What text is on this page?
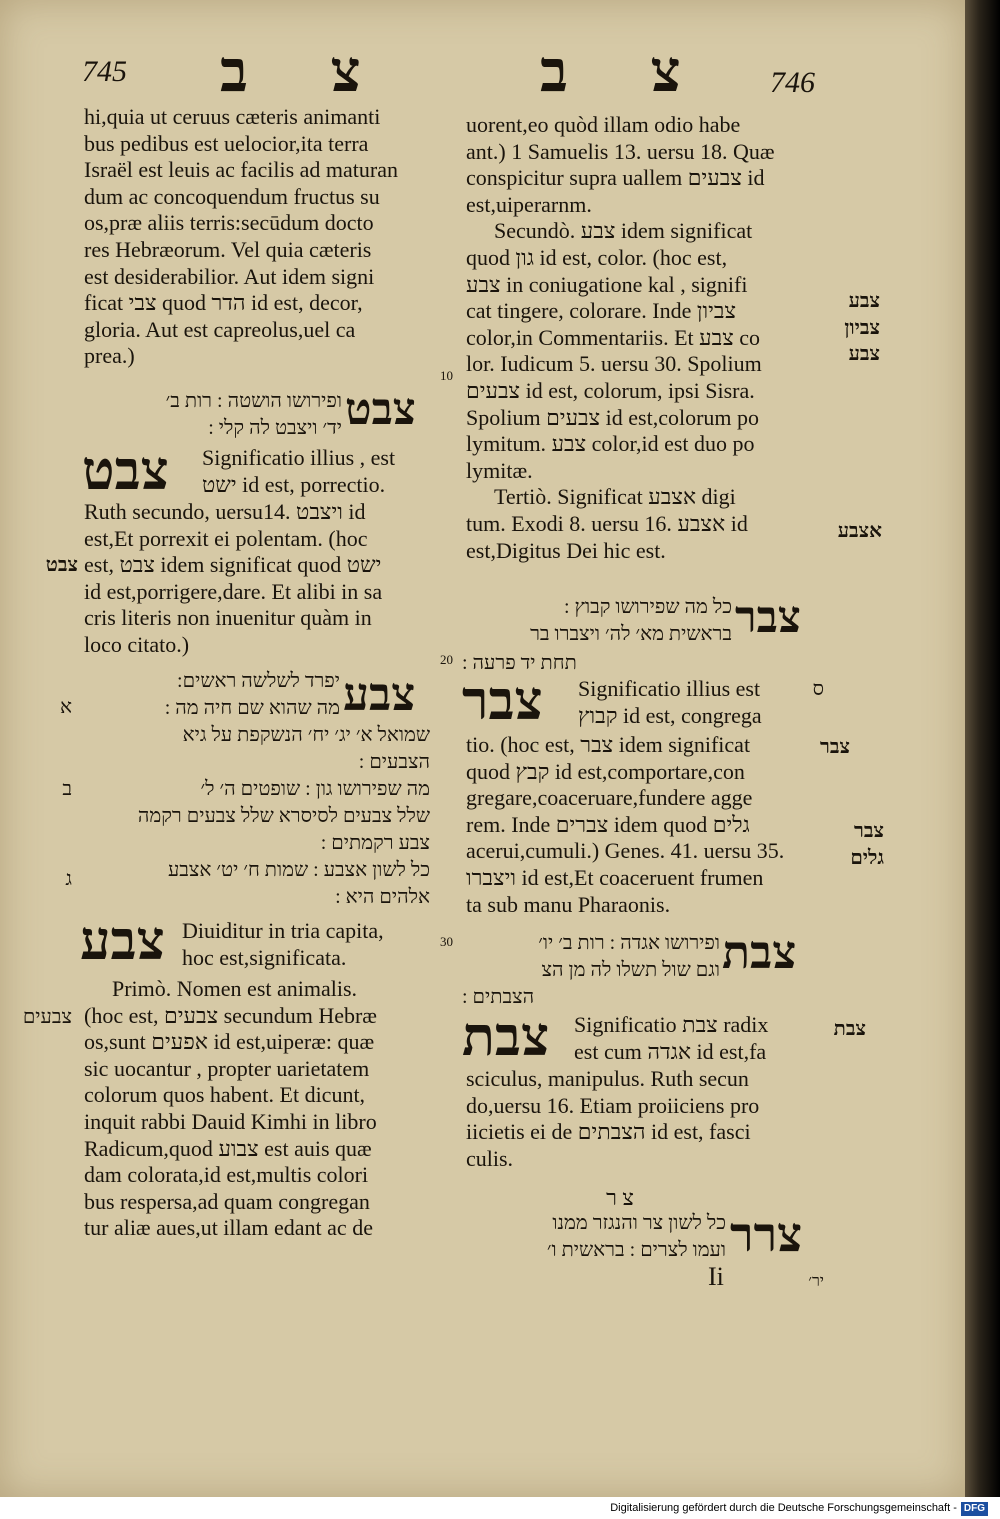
745 צ ב	צ ב 746
hi,quia ut ceruus cæteris animanti
bus pedibus est uelocior,ita terra
Israël est leuis ac facilis ad maturan
dum ac concoquendum fructus su
os,præ aliis terris:secūdum docto
res Hebræorum. Vel quia cæteris
est desiderabilior. Aut idem signi
ficat צבי quod הדר id est, decor,
gloria. Aut est capreolus,uel ca
prea.)
צבט
ופירושו הושטה : רות ב׳
יד׳ ויצבט לה קלי :
צבט Significatio illius , est
ישט id est, porrectio.
Ruth secundo, uersu14. ויצבט id
est,Et porrexit ei polentam. (hoc
est, צבט idem significat quod ישט
id est,porrigere,dare. Et alibi in sa
cris literis non inuenitur quàm in
loco citato.)
צבט
צבע
יפרד לשלשה ראשים:
מה שהוא שם חיה מה :
שמואל א׳ יג׳ יח׳ הנשקפת על גיא
הצבעים :
מה שפירושו גון : שופטים ה׳ ל׳
שלל צבעים לסיסרא שלל צבעים רקמה
צבע רקמתים :
כל לשון אצבע : שמות ח׳ יט׳ אצבע
אלהים היא :
א
ב
ג
צבע Diuiditur in tria capita,
hoc est,significata.
Primò. Nomen est animalis.
(hoc est, צבעים secundum Hebræ
os,sunt אפעים id est,uiperæ: quæ
sic uocantur , propter uarietatem
colorum quos habent. Et dicunt,
inquit rabbi Dauid Kimhi in libro
Radicum,quod צבוע est auis quæ
dam colorata,id est,multis colori
bus respersa,ad quam congregan
tur aliæ aues,ut illam edant ac de
צבעים
10
20
30
uorent,eo quòd illam odio habe
ant.) 1 Samuelis 13. uersu 18. Quæ
conspicitur supra uallem צבעים id
est,uiperarnm.
Secundò. צבע idem significat
quod גון id est, color. (hoc est,
צבע in coniugatione kal , signifi
cat tingere, colorare. Inde צביון
color,in Commentariis. Et צבע co
lor. Iudicum 5. uersu 30. Spolium
צבעים id est, colorum, ipsi Sisra.
Spolium צבעים id est,colorum po
lymitum. צבע color,id est duo po
lymitæ.
Tertiò. Significat אצבע digi
tum. Exodi 8. uersu 16. אצבע id
est,Digitus Dei hic est.
צבע
צביון
צבע
אצבע
צבר
כל מה שפירושו קבוץ :
בראשית מא׳ לה׳ ויצברו בר
תחת יד פרעה :
צבר Significatio illius est
קבוץ id est, congrega
ס
tio. (hoc est, צבר idem significat
quod קבץ id est,comportare,con
gregare,coaceruare,fundere agge
rem. Inde צברים idem quod גלים
acerui,cumuli.) Genes. 41. uersu 35.
ויצברו id est,Et coaceruent frumen
ta sub manu Pharaonis.
צבר
צבר גלים
צבת
ופירושו אגדה : רות ב׳ יו׳
וגם שול תשלו לה מן הצ
הצבתים :
צבת Significatio צבת radix
est cum אגדה id est,fa
sciculus, manipulus. Ruth secun
do,uersu 16. Etiam proiiciens pro
iicietis ei de הצבתים id est, fasci
culis.
צבת
צ ר
צרר
כל לשון צר והנגזר ממנו
ועמו לצרים : בראשית ו׳
Ii	יר׳
Digitalisierung gefördert durch die Deutsche Forschungsgemeinschaft - DFG
